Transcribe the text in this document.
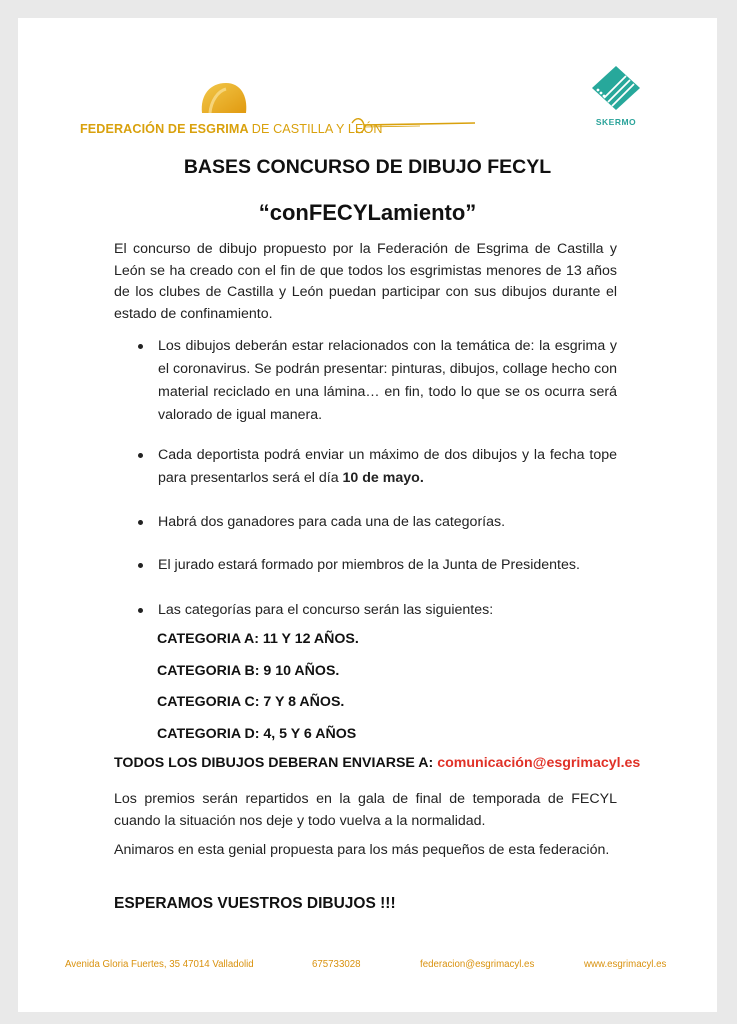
FEDERACIÓN DE ESGRIMA DE CASTILLA Y LEÓN	SKERMO
BASES CONCURSO DE DIBUJO FECYL
“conFECYLamiento”
El concurso de dibujo propuesto por la Federación de Esgrima de Castilla y León se ha creado con el fin de que todos los esgrimistas menores de 13 años de los clubes de Castilla y León puedan participar con sus dibujos durante el estado de confinamiento.
Los dibujos deberán estar relacionados con la temática de: la esgrima y el coronavirus. Se podrán presentar: pinturas, dibujos, collage hecho con material reciclado en una lámina… en fin, todo lo que se os ocurra será valorado de igual manera.
Cada deportista podrá enviar un máximo de dos dibujos y la fecha tope para presentarlos será el día 10 de mayo.
Habrá dos ganadores para cada una de las categorías.
El jurado estará formado por miembros de la Junta de Presidentes.
Las categorías para el concurso serán las siguientes:
CATEGORIA A: 11 Y 12 AÑOS.
CATEGORIA B: 9 10 AÑOS.
CATEGORIA C: 7 Y 8 AÑOS.
CATEGORIA D: 4, 5 Y 6 AÑOS
TODOS LOS DIBUJOS DEBERAN ENVIARSE A: comunicación@esgrimacyl.es
Los premios serán repartidos en la gala de final de temporada de FECYL cuando la situación nos deje y todo vuelva a la normalidad.
Animaros en esta genial propuesta para los más pequeños de esta federación.
ESPERAMOS VUESTROS DIBUJOS !!!
Avenida Gloria Fuertes, 35 47014 Valladolid	675733028	federacion@esgrimacyl.es	www.esgrimacyl.es
